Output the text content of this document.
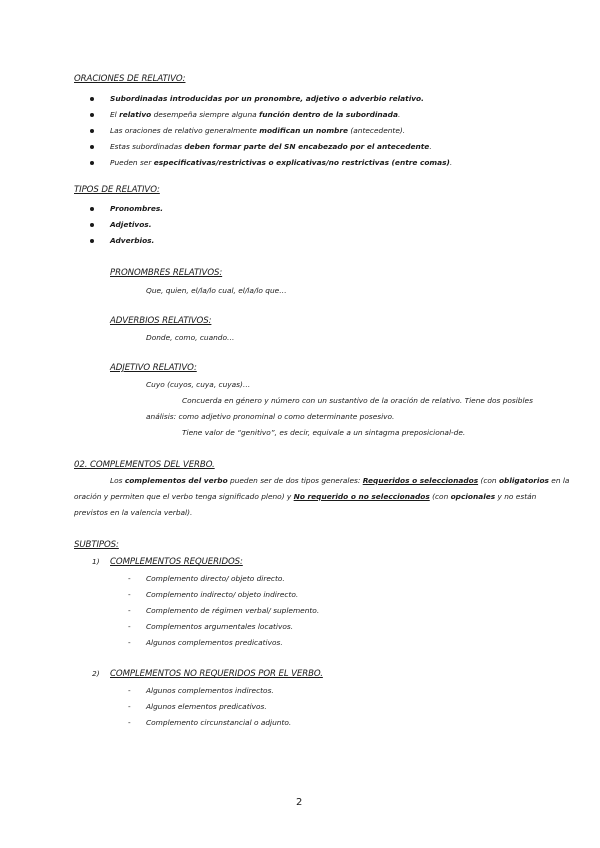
ORACIONES DE RELATIVO:
Subordinadas introducidas por un pronombre, adjetivo o adverbio relativo.
El relativo desempeña siempre alguna función dentro de la subordinada.
Las oraciones de relativo generalmente modifican un nombre (antecedente).
Estas subordinadas deben formar parte del SN encabezado por el antecedente.
Pueden ser especificativas/restrictivas o explicativas/no restrictivas (entre comas).
TIPOS DE RELATIVO:
Pronombres.
Adjetivos.
Adverbios.
PRONOMBRES RELATIVOS:
Que, quien, el/la/lo cual, el/la/lo que…
ADVERBIOS RELATIVOS:
Donde, como, cuando…
ADJETIVO RELATIVO:
Cuyo (cuyos, cuya, cuyas)…
Concuerda en género y número con un sustantivo de la oración de relativo. Tiene dos posibles
análisis: como adjetivo pronominal o como determinante posesivo.
Tiene valor de “genitivo”, es decir, equivale a un sintagma preposicional-de.
02. COMPLEMENTOS DEL VERBO.
Los complementos del verbo pueden ser de dos tipos generales: Requeridos o seleccionados (con obligatorios en la
oración y permiten que el verbo tenga significado pleno) y No requerido o no seleccionados (con opcionales y no están
previstos en la valencia verbal).
SUBTIPOS:
1) COMPLEMENTOS REQUERIDOS:
- Complemento directo/ objeto directo.
- Complemento indirecto/ objeto indirecto.
- Complemento de régimen verbal/ suplemento.
- Complementos argumentales locativos.
- Algunos complementos predicativos.
2) COMPLEMENTOS NO REQUERIDOS POR EL VERBO.
- Algunos complementos indirectos.
- Algunos elementos predicativos.
- Complemento circunstancial o adjunto.
2
